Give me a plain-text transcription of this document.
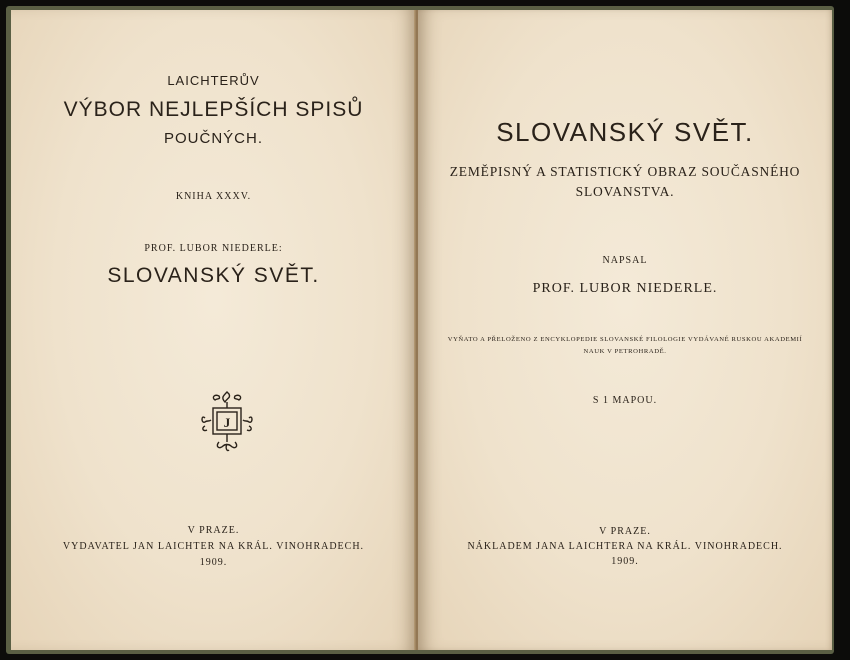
LAICHTERŮV
VÝBOR NEJLEPŠÍCH SPISŮ
POUČNÝCH.
KNIHA XXXV.
PROF. LUBOR NIEDERLE:
SLOVANSKÝ SVĚT.
J
V PRAZE.
VYDAVATEL JAN LAICHTER NA KRÁL. VINOHRADECH.
1909.
SLOVANSKÝ SVĚT.
ZEMĚPISNÝ A STATISTICKÝ OBRAZ SOUČASNÉHO
SLOVANSTVA.
NAPSAL
PROF. LUBOR NIEDERLE.
VYŇATO A PŘELOŽENO Z ENCYKLOPEDIE SLOVANSKÉ FILOLOGIE VYDÁVANÉ RUSKOU AKADEMIÍ
NAUK V PETROHRADĚ.
S 1 MAPOU.
V PRAZE.
NÁKLADEM JANA LAICHTERA NA KRÁL. VINOHRADECH.
1909.
